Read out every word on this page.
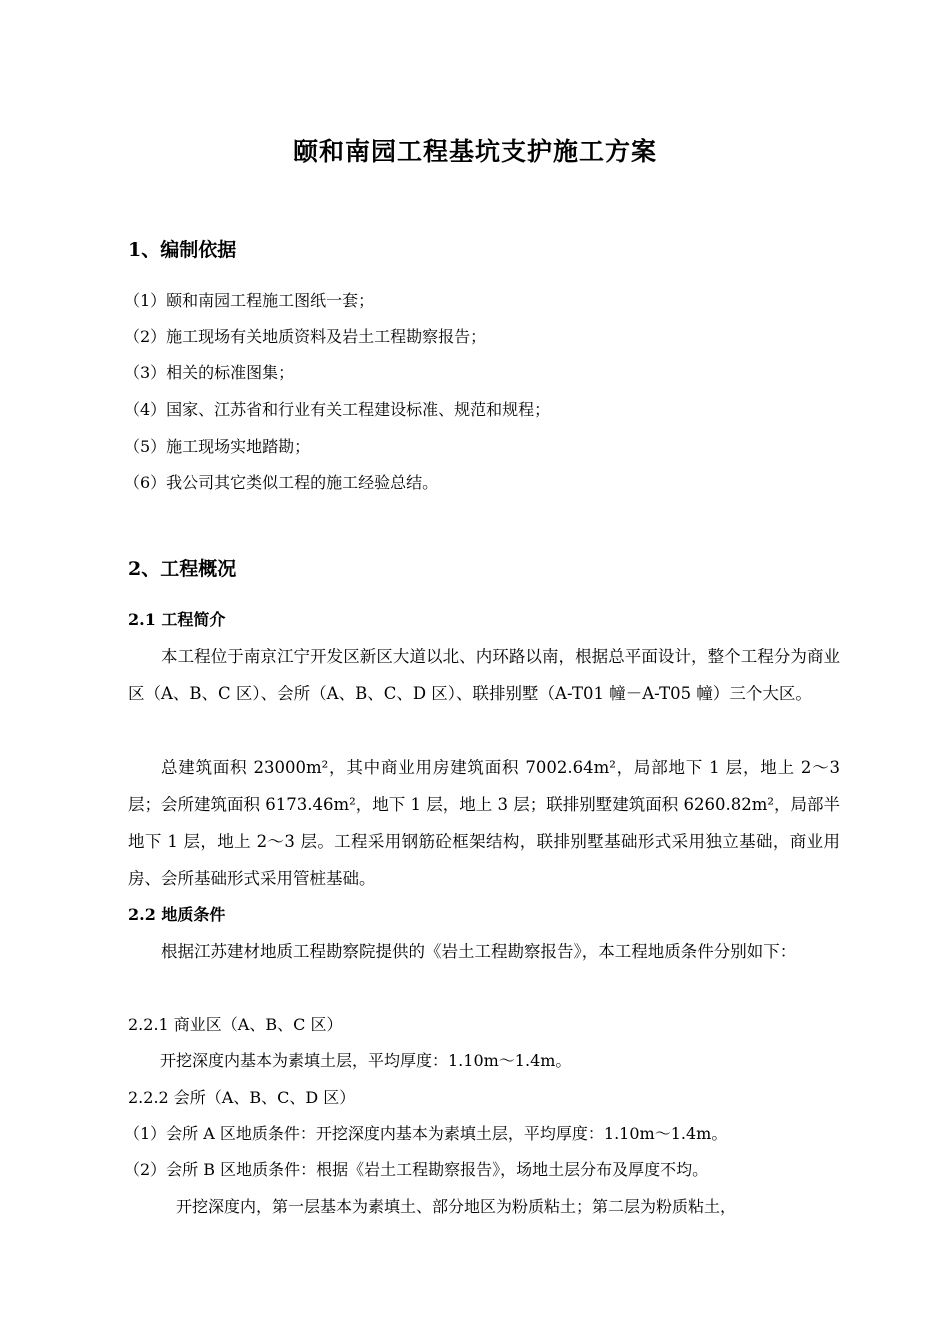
颐和南园工程基坑支护施工方案
1、编制依据
（1）颐和南园工程施工图纸一套；
（2）施工现场有关地质资料及岩土工程勘察报告；
（3）相关的标准图集；
（4）国家、江苏省和行业有关工程建设标准、规范和规程；
（5）施工现场实地踏勘；
（6）我公司其它类似工程的施工经验总结。
2、工程概况
2.1 工程简介
本工程位于南京江宁开发区新区大道以北、内环路以南，根据总平面设计，整个工程分为商业区（A、B、C 区）、会所（A、B、C、D 区）、联排别墅（A-T01 幢－A-T05 幢）三个大区。
总建筑面积 23000m²，其中商业用房建筑面积 7002.64m²，局部地下 1 层，地上 2～3 层；会所建筑面积 6173.46m²，地下 1 层，地上 3 层；联排别墅建筑面积 6260.82m²，局部半地下 1 层，地上 2～3 层。工程采用钢筋砼框架结构，联排别墅基础形式采用独立基础，商业用房、会所基础形式采用管桩基础。
2.2 地质条件
根据江苏建材地质工程勘察院提供的《岩土工程勘察报告》，本工程地质条件分别如下：
2.2.1 商业区（A、B、C 区）
开挖深度内基本为素填土层，平均厚度：1.10m～1.4m。
2.2.2 会所（A、B、C、D 区）
（1）会所 A 区地质条件：开挖深度内基本为素填土层，平均厚度：1.10m～1.4m。
（2）会所 B 区地质条件：根据《岩土工程勘察报告》，场地土层分布及厚度不均。
开挖深度内，第一层基本为素填土、部分地区为粉质粘土；第二层为粉质粘土，
